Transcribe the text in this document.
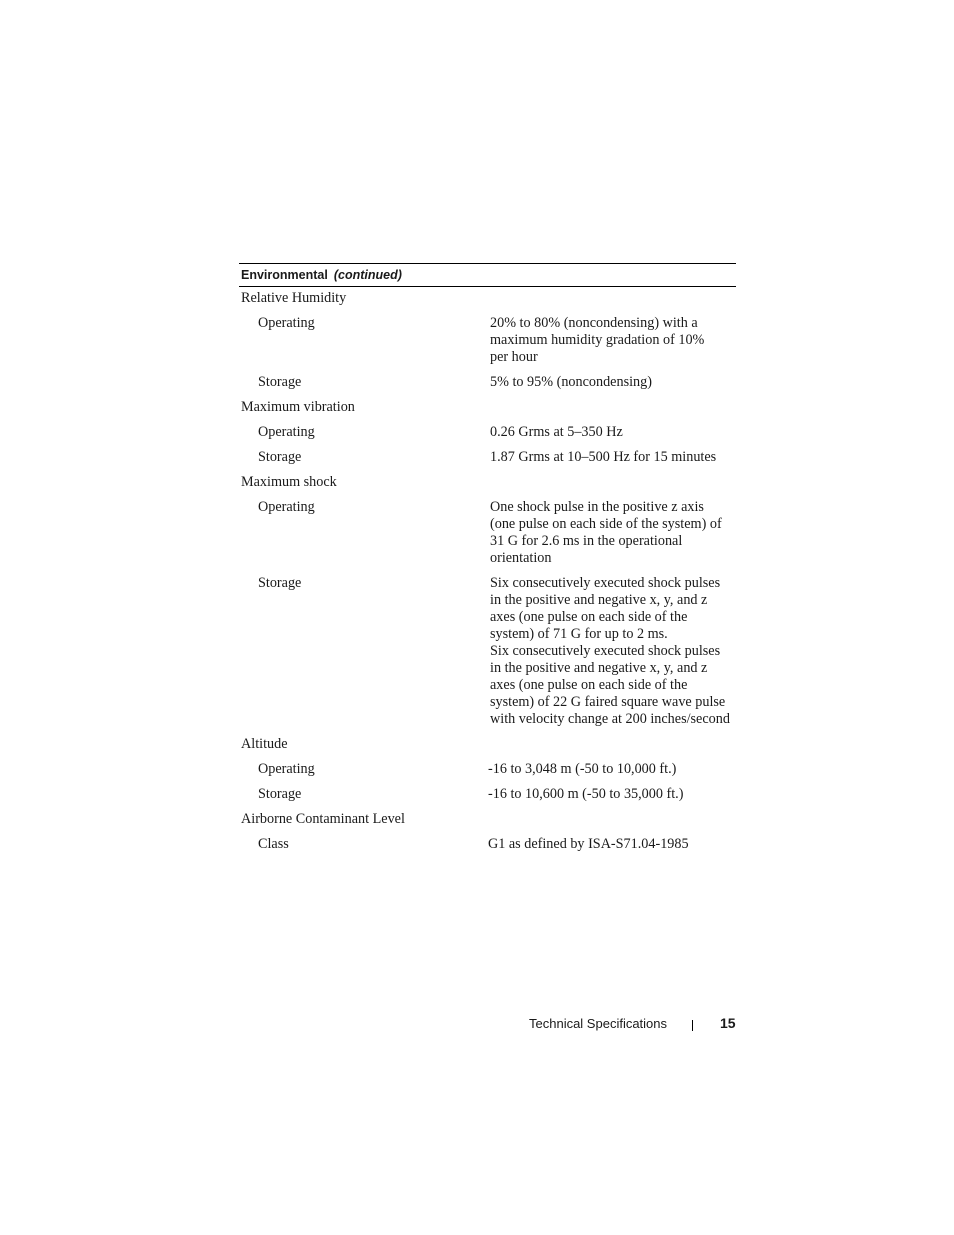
Environmental (continued)
Relative Humidity
Operating	20% to 80% (noncondensing) with a
maximum humidity gradation of 10%
per hour
Storage	5% to 95% (noncondensing)
Maximum vibration
Operating	0.26 Grms at 5–350 Hz
Storage	1.87 Grms at 10–500 Hz for 15 minutes
Maximum shock
Operating	One shock pulse in the positive z axis
(one pulse on each side of the system) of
31 G for 2.6 ms in the operational
orientation
Storage	Six consecutively executed shock pulses
in the positive and negative x, y, and z
axes (one pulse on each side of the
system) of 71 G for up to 2 ms.
Six consecutively executed shock pulses
in the positive and negative x, y, and z
axes (one pulse on each side of the
system) of 22 G faired square wave pulse
with velocity change at 200 inches/second
Altitude
Operating	-16 to 3,048 m (-50 to 10,000 ft.)
Storage	-16 to 10,600 m (-50 to 35,000 ft.)
Airborne Contaminant Level
Class	G1 as defined by ISA-S71.04-1985
Technical Specifications	15
